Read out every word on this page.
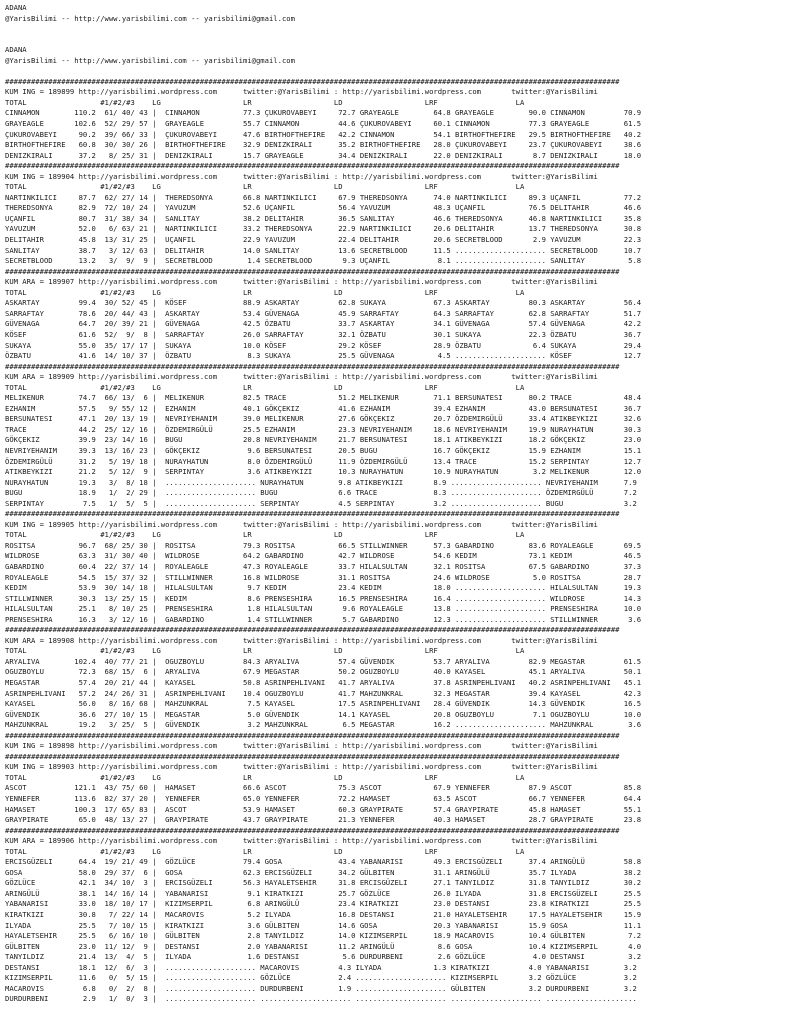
ADANA
@YarisBilimi -- http://www.yarisbilimi.com -- yarisbilimi@gmail.com

ADANA
@YarisBilimi -- http://www.yarisbilimi.com -- yarisbilimi@gmail.com

##############################################################################################################################################
KUM ING = 189899 http://yarisbilimi.wordpress.com      twitter:@YarisBilimi : http://yarisbilimi.wordpress.com       twitter:@YarisBilimi
TOTAL                 #1/#2/#3    LG                   LR                   LD                   LRF                  LA
CINNAMON        110.2  61/ 40/ 43 |  CINNAMON          77.3 ÇUKUROVABEYI     72.7 GRAYEAGLE        64.8 GRAYEAGLE        90.0 CINNAMON         70.9
GRAYEAGLE       102.6  52/ 29/ 57 |  GRAYEAGLE         55.7 CINNAMON         44.6 ÇUKUROVABEYI     60.1 CINNAMON         77.3 GRAYEAGLE        61.5
ÇUKUROVABEYI     90.2  39/ 66/ 33 |  ÇUKUROVABEYI      47.6 BIRTHOFTHEFIRE   42.2 CINNAMON         54.1 BIRTHOFTHEFIRE   29.5 BIRTHOFTHEFIRE   40.2
BIRTHOFTHEFIRE   60.8  30/ 30/ 26 |  BIRTHOFTHEFIRE    32.9 DENIZKIRALI      35.2 BIRTHOFTHEFIRE   28.0 ÇUKUROVABEYI     23.7 ÇUKUROVABEYI     38.6
DENIZKIRALI      37.2   8/ 25/ 31 |  DENIZKIRALI       15.7 GRAYEAGLE        34.4 DENIZKIRALI      22.0 DENIZKIRALI       8.7 DENIZKIRALI      18.0
##############################################################################################################################################
KUM ING = 189904 http://yarisbilimi.wordpress.com      twitter:@YarisBilimi : http://yarisbilimi.wordpress.com       twitter:@YarisBilimi
TOTAL                 #1/#2/#3    LG                   LR                   LD                   LRF                  LA
NARTINKILICI     87.7  62/ 27/ 14 |  THEREDSONYA       66.8 NARTINKILICI     67.9 THEREDSONYA      74.0 NARTINKILICI     89.3 UÇANFIL          77.2
THEREDSONYA      82.9  72/ 10/ 24 |  YAVUZUM           52.6 UÇANFIL          56.4 YAVUZUM          48.3 UÇANFIL          76.5 DELITAHIR        46.6
UÇANFIL          80.7  31/ 38/ 34 |  SANLITAY          38.2 DELITAHIR        36.5 SANLITAY         46.6 THEREDSONYA      46.8 NARTINKILICI     35.8
YAVUZUM          52.0   6/ 63/ 21 |  NARTINKILICI      33.2 THEREDSONYA      22.9 NARTINKILICI     20.6 DELITAHIR        13.7 THEREDSONYA      30.8
DELITAHIR        45.8  13/ 31/ 25 |  UÇANFIL           22.9 YAVUZUM          22.4 DELITAHIR        20.6 SECRETBLOOD       2.9 YAVUZUM          22.3
SANLITAY         38.7   3/ 12/ 63 |  DELITAHIR         14.0 SANLITAY         13.6 SECRETBLOOD      11.5 ..................... SECRETBLOOD      10.7
SECRETBLOOD      13.2   3/  9/  9 |  SECRETBLOOD        1.4 SECRETBLOOD       9.3 UÇANFIL           8.1 ..................... SANLITAY          5.8
##############################################################################################################################################
KUM ARA = 189907 http://yarisbilimi.wordpress.com      twitter:@YarisBilimi : http://yarisbilimi.wordpress.com       twitter:@YarisBilimi
TOTAL                 #1/#2/#3    LG                   LR                   LD                   LRF                  LA
ASKARTAY         99.4  30/ 52/ 45 |  KÖSEF             88.9 ASKARTAY         62.8 SUKAYA           67.3 ASKARTAY         80.3 ASKARTAY         56.4
SARRAFTAY        78.6  20/ 44/ 43 |  ASKARTAY          53.4 GÜVENAGA         45.9 SARRAFTAY        64.3 SARRAFTAY        62.8 SARRAFTAY        51.7
GÜVENAGA         64.7  20/ 39/ 21 |  GÜVENAGA          42.5 ÖZBATU           33.7 ASKARTAY         34.1 GÜVENAGA         57.4 GÜVENAGA         42.2
KÖSEF            61.6  52/  9/  8 |  SARRAFTAY         26.0 SARRAFTAY        32.1 ÖZBATU           30.1 SUKAYA           22.3 ÖZBATU           36.7
SUKAYA           55.0  35/ 17/ 17 |  SUKAYA            10.0 KÖSEF            29.2 KÖSEF            28.9 ÖZBATU            6.4 SUKAYA           29.4
ÖZBATU           41.6  14/ 10/ 37 |  ÖZBATU             8.3 SUKAYA           25.5 GÜVENAGA          4.5 ..................... KÖSEF            12.7
##############################################################################################################################################
KUM ARA = 189909 http://yarisbilimi.wordpress.com      twitter:@YarisBilimi : http://yarisbilimi.wordpress.com       twitter:@YarisBilimi
TOTAL                 #1/#2/#3    LG                   LR                   LD                   LRF                  LA
MELIKENUR        74.7  66/ 13/  6 |  MELIKENUR         82.5 TRACE            51.2 MELIKENUR        71.1 BERSUNATESI      80.2 TRACE            48.4
EZHANIM          57.5   9/ 55/ 12 |  EZHANIM           40.1 GÖKÇEKIZ         41.6 EZHANIM          39.4 EZHANIM          43.0 BERSUNATESI      36.7
BERSUNATESI      47.1  20/ 13/ 19 |  NEVRIYEHANIM      39.0 MELIKENUR        27.6 GÖKÇEKIZ         20.7 ÖZDEMIRGÜLÜ      33.4 ATIKBEYKIZI      32.6
TRACE            44.2  25/ 12/ 16 |  ÖZDEMIRGÜLÜ       25.5 EZHANIM          23.3 NEVRIYEHANIM     18.6 NEVRIYEHANIM     19.9 NURAYHATUN       30.3
GÖKÇEKIZ         39.9  23/ 14/ 16 |  BUGU              20.8 NEVRIYEHANIM     21.7 BERSUNATESI      18.1 ATIKBEYKIZI      18.2 GÖKÇEKIZ         23.0
NEVRIYEHANIM     39.3  13/ 16/ 23 |  GÖKÇEKIZ           9.6 BERSUNATESI      20.5 BUGU             16.7 GÖKÇEKIZ         15.9 EZHANIM          15.1
ÖZDEMIRGÜLÜ      31.2   5/ 19/ 18 |  NURAYHATUN         8.0 ÖZDEMIRGÜLÜ      11.9 ÖZDEMIRGÜLÜ      13.4 TRACE            15.2 SERPINTAY        12.7
ATIKBEYKIZI      21.2   5/ 12/  9 |  SERPINTAY          3.6 ATIKBEYKIZI      10.3 NURAYHATUN       10.9 NURAYHATUN        3.2 MELIKENUR        12.0
NURAYHATUN       19.3   3/  8/ 18 |  ..................... NURAYHATUN        9.8 ATIKBEYKIZI       8.9 ..................... NEVRIYEHANIM      7.9
BUGU             18.9   1/  2/ 29 |  ..................... BUGU              6.6 TRACE             8.3 ..................... ÖZDEMIRGÜLÜ       7.2
SERPINTAY         7.5   1/  5/  5 |  ..................... SERPINTAY         4.5 SERPINTAY         3.2 ..................... BUGU              3.2
##############################################################################################################################################
KUM ING = 189905 http://yarisbilimi.wordpress.com      twitter:@YarisBilimi : http://yarisbilimi.wordpress.com       twitter:@YarisBilimi
TOTAL                 #1/#2/#3    LG                   LR                   LD                   LRF                  LA
ROSITSA          96.7  68/ 25/ 30 |  ROSITSA           79.3 ROSITSA          66.5 STILLWINNER      57.3 GABARDINO        83.6 ROYALEAGLE       69.5
WILDROSE         63.3  31/ 30/ 40 |  WILDROSE          64.2 GABARDINO        42.7 WILDROSE         54.6 KEDIM            73.1 KEDIM            46.5
GABARDINO        60.4  22/ 37/ 14 |  ROYALEAGLE        47.3 ROYALEAGLE       33.7 HILALSULTAN      32.1 ROSITSA          67.5 GABARDINO        37.3
ROYALEAGLE       54.5  15/ 37/ 32 |  STILLWINNER       16.8 WILDROSE         31.1 ROSITSA          24.6 WILDROSE          5.0 ROSITSA          28.7
KEDIM            53.9  30/ 14/ 18 |  HILALSULTAN        9.7 KEDIM            23.4 KEDIM            18.0 ..................... HILALSULTAN      19.3
STILLWINNER      30.3  13/ 25/ 15 |  KEDIM              8.6 PRENSESHIRA      16.5 PRENSESHIRA      16.4 ..................... WILDROSE         14.3
HILALSULTAN      25.1   8/ 10/ 25 |  PRENSESHIRA        1.8 HILALSULTAN       9.6 ROYALEAGLE       13.8 ..................... PRENSESHIRA      10.0
PRENSESHIRA      16.3   3/ 12/ 16 |  GABARDINO          1.4 STILLWINNER       5.7 GABARDINO        12.3 ..................... STILLWINNER       3.6
##############################################################################################################################################
KUM ARA = 189908 http://yarisbilimi.wordpress.com      twitter:@YarisBilimi : http://yarisbilimi.wordpress.com       twitter:@YarisBilimi
TOTAL                 #1/#2/#3    LG                   LR                   LD                   LRF                  LA
ARYALIVA        102.4  40/ 77/ 21 |  OGUZBOYLU         84.3 ARYALIVA         57.4 GÜVENDIK         53.7 ARYALIVA         82.9 MEGASTAR         61.5
OGUZBOYLU        72.3  68/ 15/  6 |  ARYALIVA          67.9 MEGASTAR         50.2 OGUZBOYLU        40.0 KAYASEL          45.1 ARYALIVA         50.1
MEGASTAR         57.4  20/ 21/ 44 |  KAYASEL           50.8 ASRINPEHLIVANI   41.7 ARYALIVA         37.8 ASRINPEHLIVANI   40.2 ASRINPEHLIVANI   45.1
ASRINPEHLIVANI   57.2  24/ 26/ 31 |  ASRINPEHLIVANI    10.4 OGUZBOYLU        41.7 MAHZUNKRAL       32.3 MEGASTAR         39.4 KAYASEL          42.3
KAYASEL          56.0   8/ 16/ 68 |  MAHZUNKRAL         7.5 KAYASEL          17.5 ASRINPEHLIVANI   28.4 GÜVENDIK         14.3 GÜVENDIK         16.5
GÜVENDIK         36.6  27/ 10/ 15 |  MEGASTAR           5.0 GÜVENDIK         14.1 KAYASEL          20.8 OGUZBOYLU         7.1 OGUZBOYLU        10.0
MAHZUNKRAL       19.2   3/ 25/  5 |  GÜVENDIK           3.2 MAHZUNKRAL        6.5 MEGASTAR         16.2 ..................... MAHZUNKRAL        3.6
##############################################################################################################################################
KUM ING = 189898 http://yarisbilimi.wordpress.com      twitter:@YarisBilimi : http://yarisbilimi.wordpress.com       twitter:@YarisBilimi
##############################################################################################################################################
KUM ING = 189903 http://yarisbilimi.wordpress.com      twitter:@YarisBilimi : http://yarisbilimi.wordpress.com       twitter:@YarisBilimi
TOTAL                 #1/#2/#3    LG                   LR                   LD                   LRF                  LA
ASCOT           121.1  43/ 75/ 60 |  HAMASET           66.6 ASCOT            75.3 ASCOT            67.9 YENNEFER         87.9 ASCOT            85.8
YENNEFER        113.6  82/ 37/ 20 |  YENNEFER          65.0 YENNEFER         72.2 HAMASET          63.5 ASCOT            66.7 YENNEFER         64.4
HAMASET         100.3  17/ 65/ 83 |  ASCOT             53.9 HAMASET          60.3 GRAYPIRATE       57.4 GRAYPIRATE       45.8 HAMASET          55.1
GRAYPIRATE       65.0  48/ 13/ 27 |  GRAYPIRATE        43.7 GRAYPIRATE       21.3 YENNEFER         40.3 HAMASET          28.7 GRAYPIRATE       23.8
##############################################################################################################################################
KUM ARA = 189906 http://yarisbilimi.wordpress.com      twitter:@YarisBilimi : http://yarisbilimi.wordpress.com       twitter:@YarisBilimi
TOTAL                 #1/#2/#3    LG                   LR                   LD                   LRF                  LA
ERCISGÜZELI      64.4  19/ 21/ 49 |  GÖZLÜCE           79.4 GOSA             43.4 YABANARISI       49.3 ERCISGÜZELI      37.4 ARINGÜLÜ         58.8
GOSA             58.0  29/ 37/  6 |  GOSA              62.3 ERCISGÜZELI      34.2 GÜLBITEN         31.1 ARINGÜLÜ         35.7 ILYADA           38.2
GÖZLÜCE          42.1  34/ 10/  3 |  ERCISGÜZELI       56.3 HAYALETSEHIR     31.8 ERCISGÜZELI      27.1 TANYILDIZ        31.8 TANYILDIZ        30.2
ARINGÜLÜ         38.1  14/ 16/ 14 |  YABANARISI         9.1 KIRATKIZI        25.7 GÖZLÜCE          26.0 ILYADA           31.8 ERCISGÜZELI      25.5
YABANARISI       33.0  18/ 10/ 17 |  KIZIMSERPIL        6.8 ARINGÜLÜ         23.4 KIRATKIZI        23.0 DESTANSI         23.8 KIRATKIZI        25.5
KIRATKIZI        30.8   7/ 22/ 14 |  MACAROVIS          5.2 ILYADA           16.8 DESTANSI         21.0 HAYALETSEHIR     17.5 HAYALETSEHIR     15.9
ILYADA           25.5   7/ 10/ 15 |  KIRATKIZI          3.6 GÜLBITEN         14.6 GOSA             20.3 YABANARISI       15.9 GOSA             11.1
HAYALETSEHIR     25.5   6/ 16/ 10 |  GÜLBITEN           2.8 TANYILDIZ        14.0 KIZIMSERPIL      18.9 MACAROVIS        10.4 GÜLBITEN          7.2
GÜLBITEN         23.0  11/ 12/  9 |  DESTANSI           2.0 YABANARISI       11.2 ARINGÜLÜ          8.6 GOSA             10.4 KIZIMSERPIL       4.0
TANYILDIZ        21.4  13/  4/  5 |  ILYADA             1.6 DESTANSI          5.6 DURDURBENI        2.6 GÖZLÜCE           4.0 DESTANSI          3.2
DESTANSI         18.1  12/  6/  3 |  ..................... MACAROVIS         4.3 ILYADA            1.3 KIRATKIZI         4.0 YABANARISI        3.2
KIZIMSERPIL      11.6   0/  5/ 15 |  ..................... GÖZLÜCE           2.4 ..................... KIZIMSERPIL       3.2 GÖZLÜCE           3.2
MACAROVIS         6.8   0/  2/  8 |  ..................... DURDURBENI        1.9 ..................... GÜLBITEN          3.2 DURDURBENI        3.2
DURDURBENI        2.9   1/  0/  3 |  ..................... ..................... ..................... ..................... .....................
